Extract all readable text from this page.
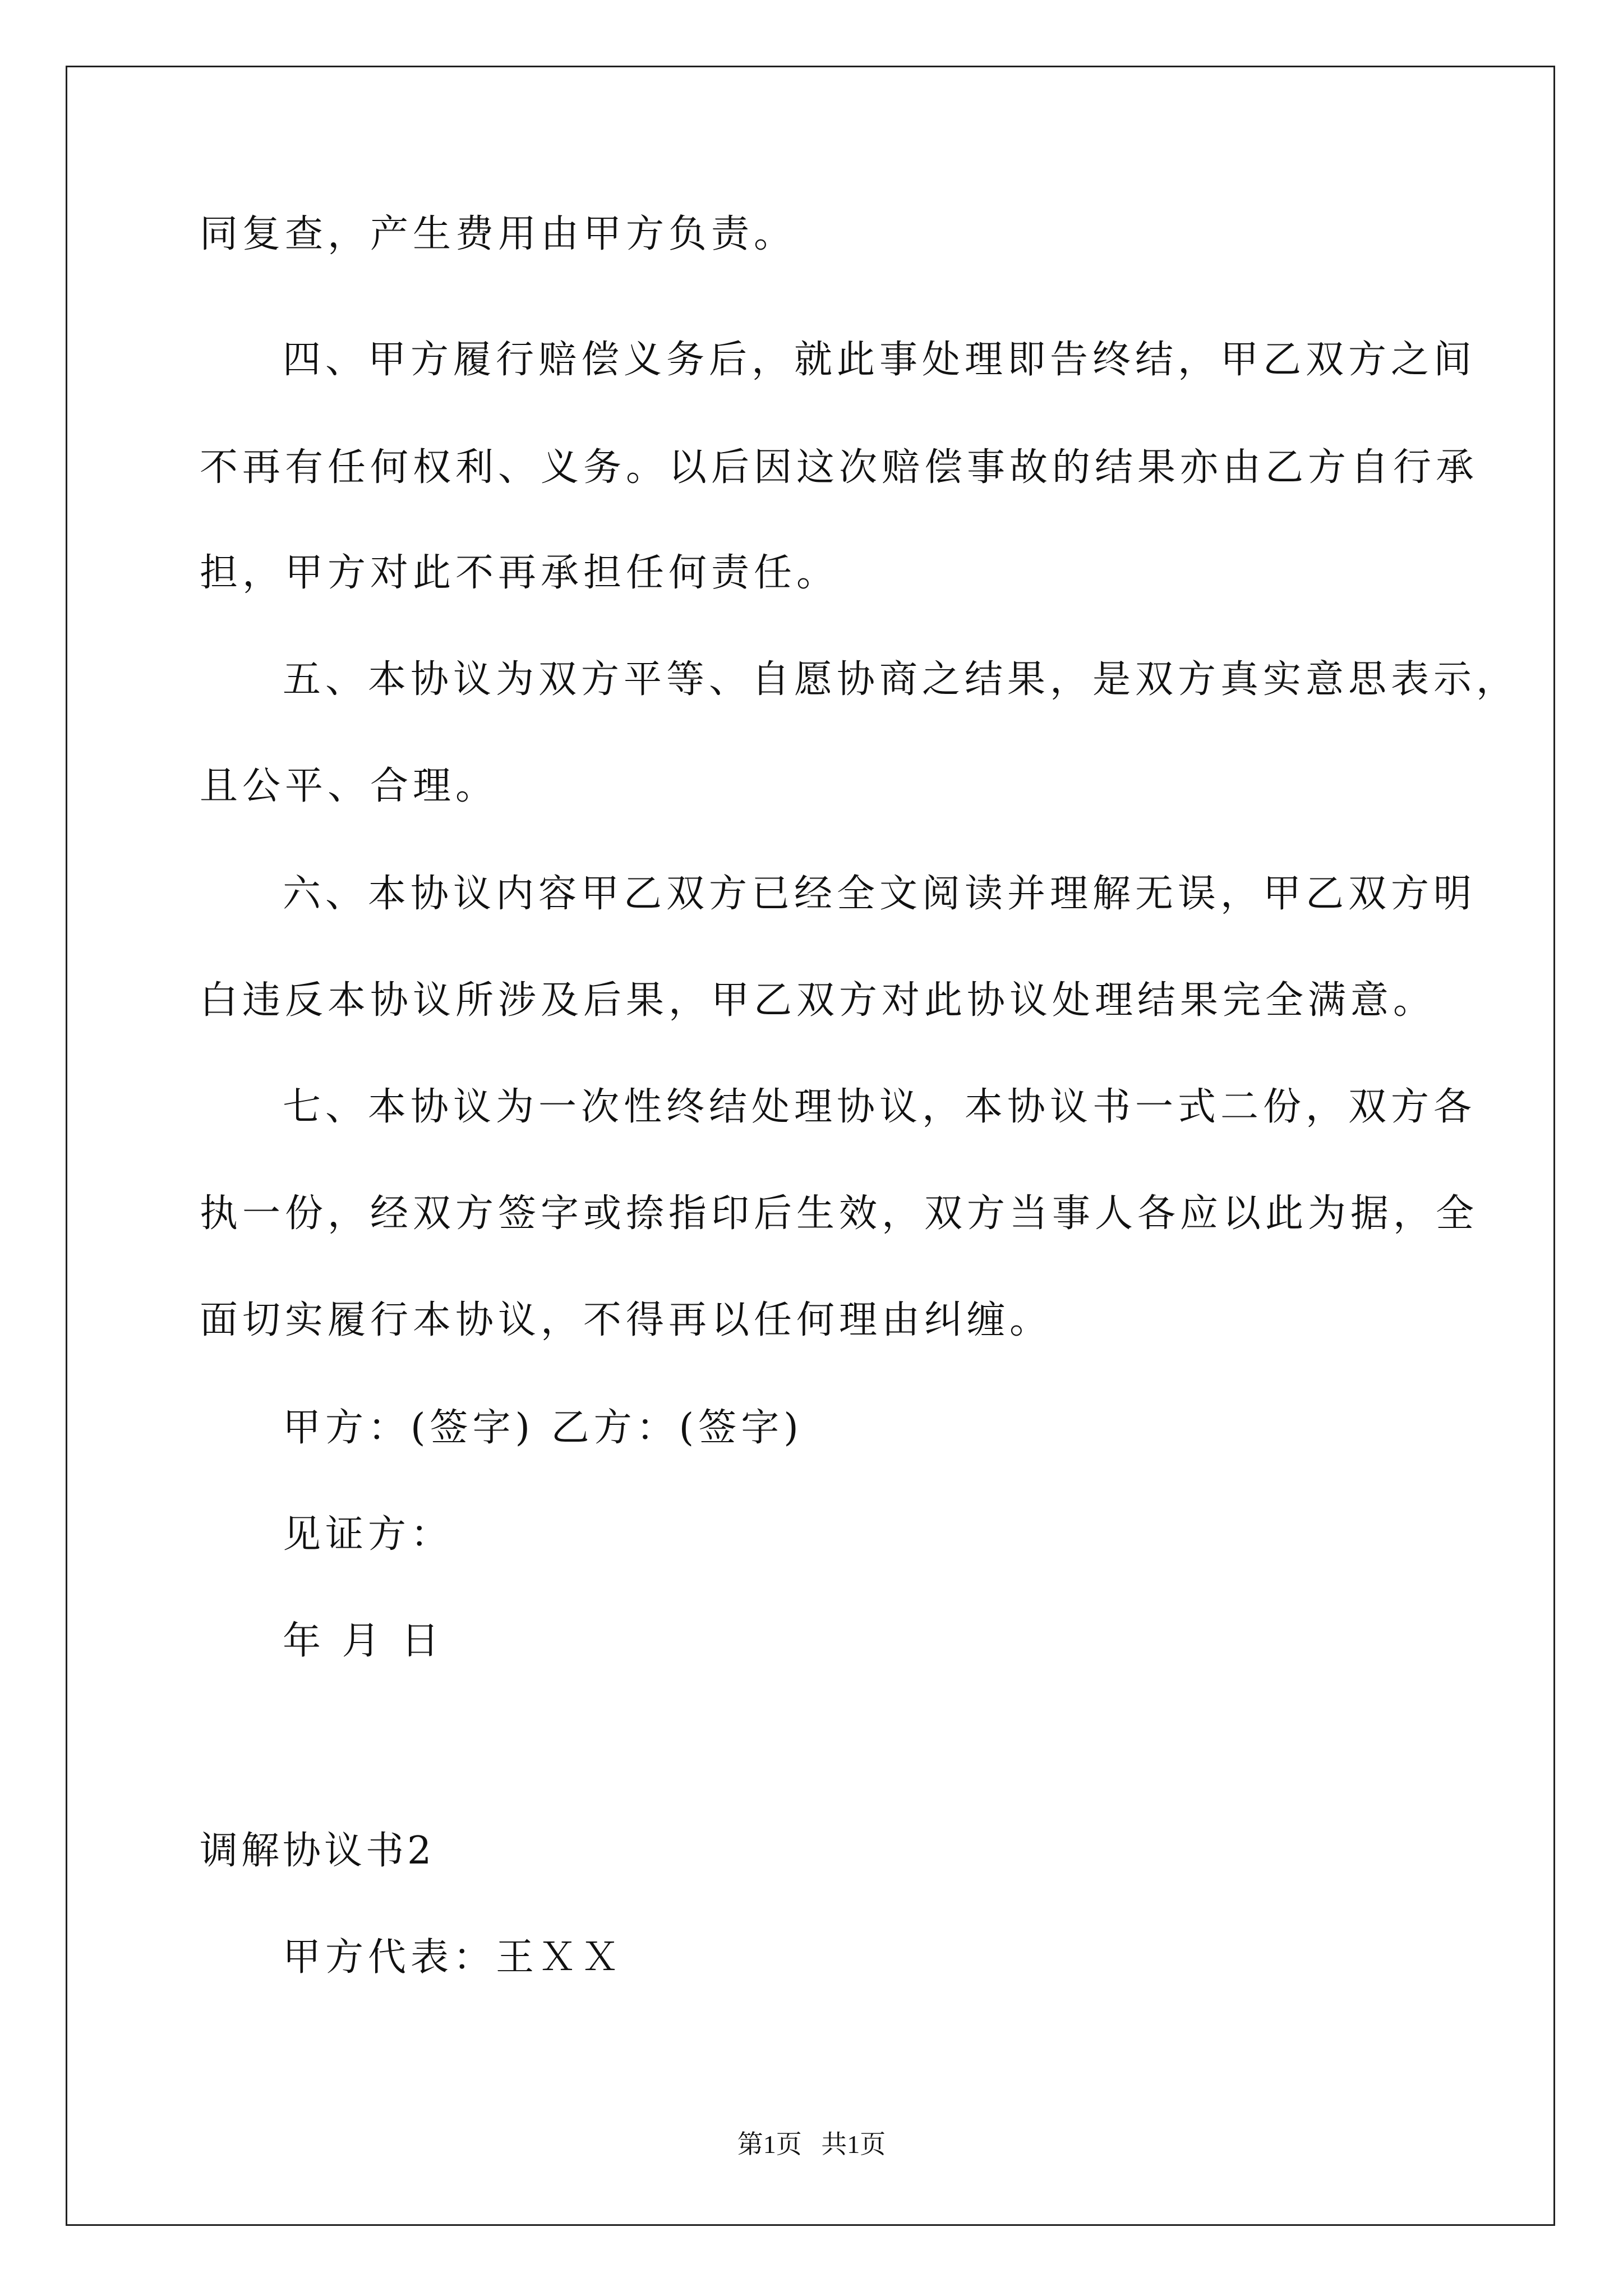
同复查，产生费用由甲方负责。
四、甲方履行赔偿义务后，就此事处理即告终结，甲乙双方之间
不再有任何权利、义务。以后因这次赔偿事故的结果亦由乙方自行承
担，甲方对此不再承担任何责任。
五、本协议为双方平等、自愿协商之结果，是双方真实意思表示，
且公平、合理。
六、本协议内容甲乙双方已经全文阅读并理解无误，甲乙双方明
白违反本协议所涉及后果，甲乙双方对此协议处理结果完全满意。
七、本协议为一次性终结处理协议，本协议书一式二份，双方各
执一份，经双方签字或捺指印后生效，双方当事人各应以此为据，全
面切实履行本协议，不得再以任何理由纠缠。
甲方：(签字) 乙方：(签字)
见证方：
年 月 日
调解协议书2
甲方代表：王ＸＸ
第1页   共1页
